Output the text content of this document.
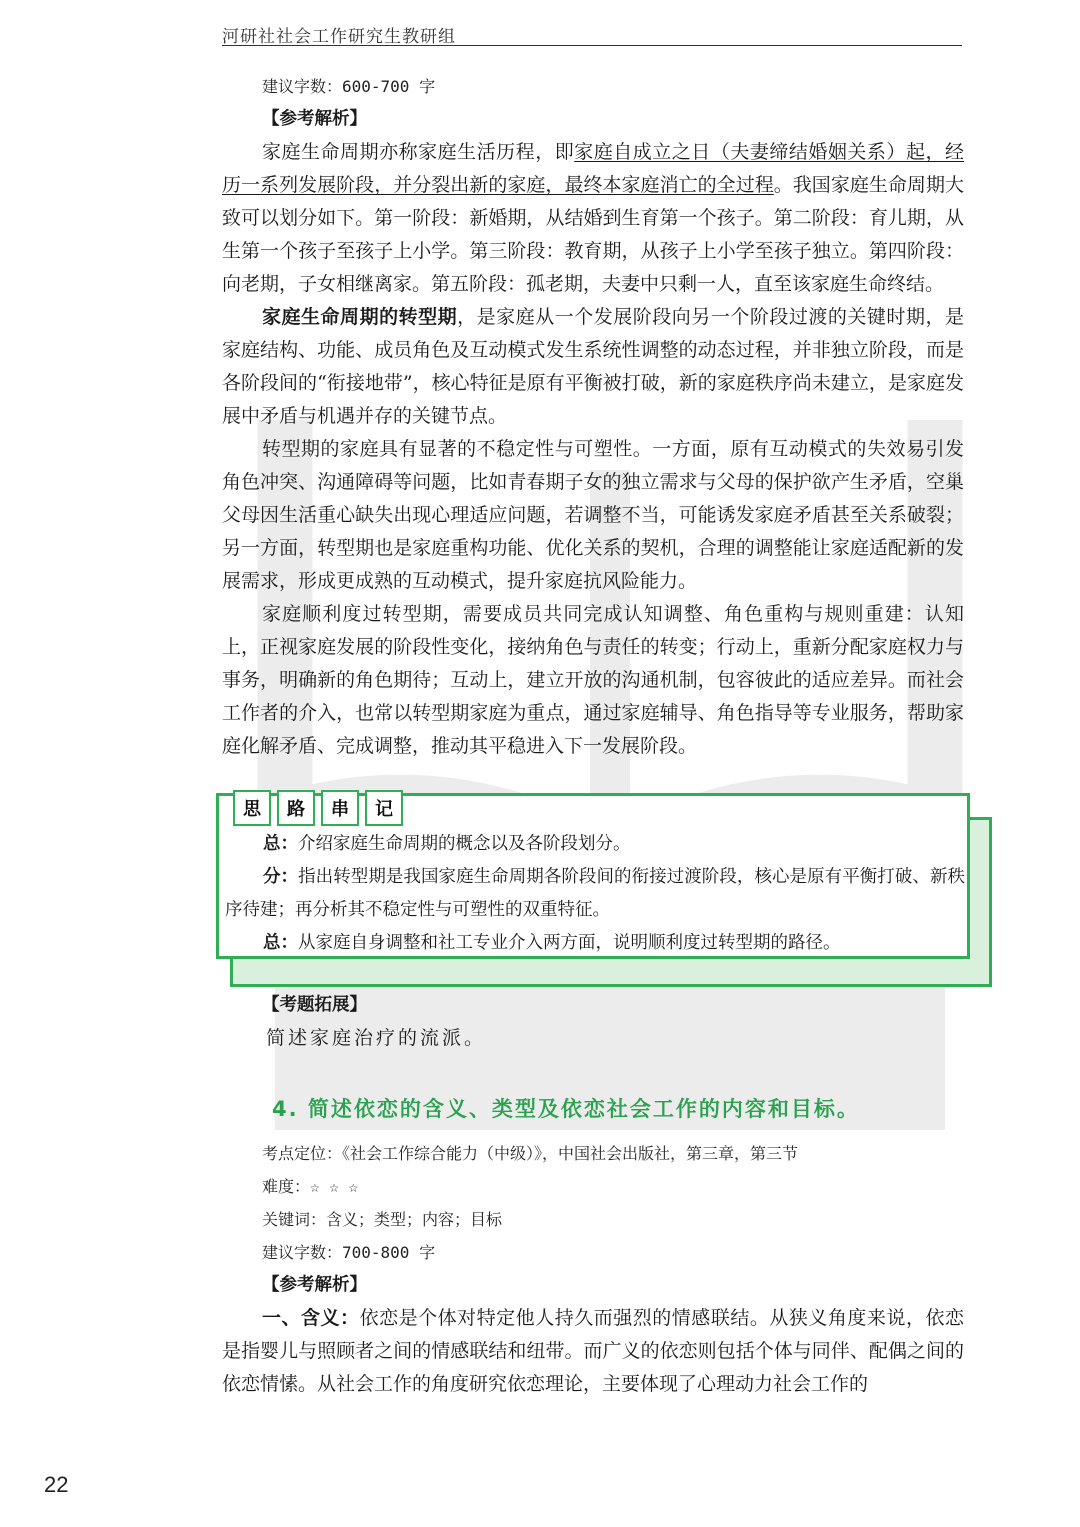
河研社社会工作研究生教研组
建议字数：600-700 字
【参考解析】

家庭生命周期亦称家庭生活历程，即家庭自成立之日（夫妻缔结婚姻关系）起，经历一系列发展阶段，并分裂出新的家庭，最终本家庭消亡的全过程。我国家庭生命周期大致可以划分如下。第一阶段：新婚期，从结婚到生育第一个孩子。第二阶段：育儿期，从生第一个孩子至孩子上小学。第三阶段：教育期，从孩子上小学至孩子独立。第四阶段：向老期，子女相继离家。第五阶段：孤老期，夫妻中只剩一人，直至该家庭生命终结。

家庭生命周期的转型期，是家庭从一个发展阶段向另一个阶段过渡的关键时期，是家庭结构、功能、成员角色及互动模式发生系统性调整的动态过程，并非独立阶段，而是各阶段间的“衔接地带”，核心特征是原有平衡被打破，新的家庭秩序尚未建立，是家庭发展中矛盾与机遇并存的关键节点。

转型期的家庭具有显著的不稳定性与可塑性。一方面，原有互动模式的失效易引发角色冲突、沟通障碍等问题，比如青春期子女的独立需求与父母的保护欲产生矛盾，空巢父母因生活重心缺失出现心理适应问题，若调整不当，可能诱发家庭矛盾甚至关系破裂；另一方面，转型期也是家庭重构功能、优化关系的契机，合理的调整能让家庭适配新的发展需求，形成更成熟的互动模式，提升家庭抗风险能力。

家庭顺利度过转型期，需要成员共同完成认知调整、角色重构与规则重建：认知上，正视家庭发展的阶段性变化，接纳角色与责任的转变；行动上，重新分配家庭权力与事务，明确新的角色期待；互动上，建立开放的沟通机制，包容彼此的适应差异。而社会工作者的介入，也常以转型期家庭为重点，通过家庭辅导、角色指导等专业服务，帮助家庭化解矛盾、完成调整，推动其平稳进入下一发展阶段。

思	路	串	记

总：介绍家庭生命周期的概念以及各阶段划分。

分：指出转型期是我国家庭生命周期各阶段间的衔接过渡阶段，核心是原有平衡打破、新秩序待建；再分析其不稳定性与可塑性的双重特征。

总：从家庭自身调整和社工专业介入两方面，说明顺利度过转型期的路径。

【考题拓展】
简述家庭治疗的流派。
4. 简述依恋的含义、类型及依恋社会工作的内容和目标。
考点定位：《社会工作综合能力（中级）》，中国社会出版社，第三章，第三节
难度：☆ ☆ ☆
关键词：含义；类型；内容；目标
建议字数：700-800 字
【参考解析】

一、含义：依恋是个体对特定他人持久而强烈的情感联结。从狭义角度来说，依恋是指婴儿与照顾者之间的情感联结和纽带。而广义的依恋则包括个体与同伴、配偶之间的依恋情愫。从社会工作的角度研究依恋理论，主要体现了心理动力社会工作的

22
